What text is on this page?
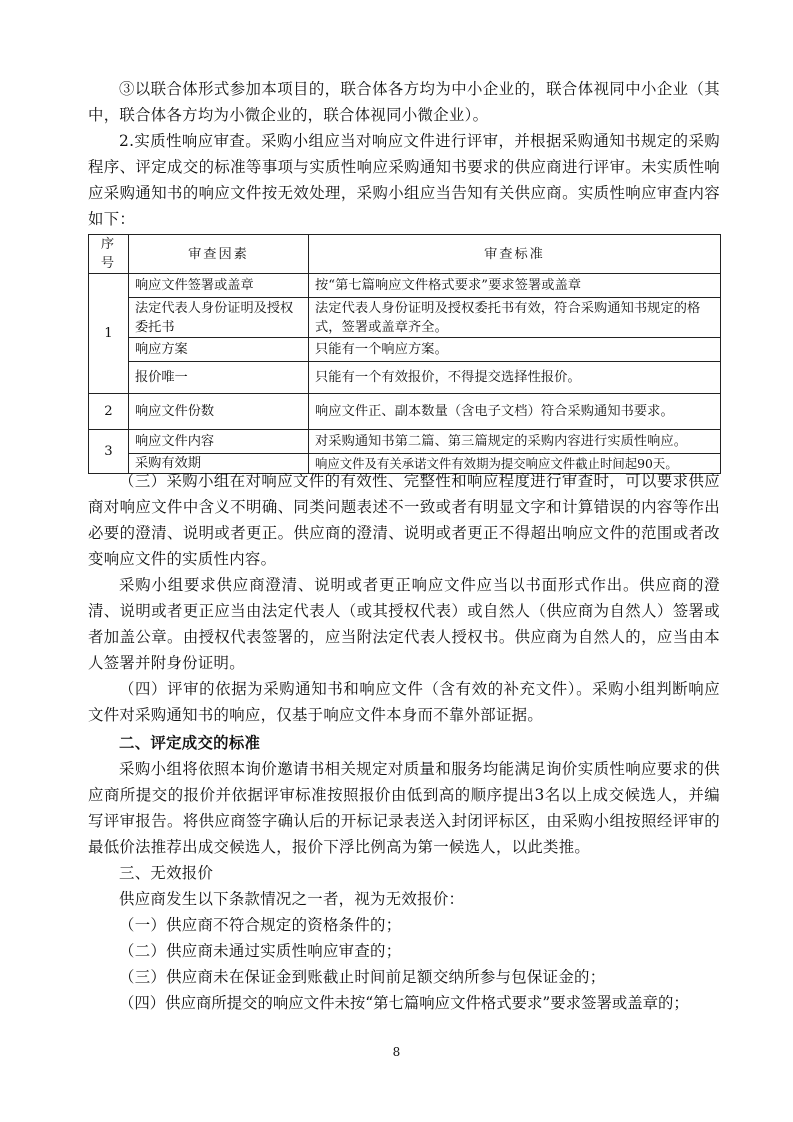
③以联合体形式参加本项目的，联合体各方均为中小企业的，联合体视同中小企业（其中，联合体各方均为小微企业的，联合体视同小微企业）。

2.实质性响应审查。采购小组应当对响应文件进行评审，并根据采购通知书规定的采购程序、评定成交的标准等事项与实质性响应采购通知书要求的供应商进行评审。未实质性响应采购通知书的响应文件按无效处理，采购小组应当告知有关供应商。实质性响应审查内容如下：

序号	审查因素	审查标准
1	响应文件签署或盖章	按“第七篇响应文件格式要求”要求签署或盖章
	法定代表人身份证明及授权委托书	法定代表人身份证明及授权委托书有效，符合采购通知书规定的格式，签署或盖章齐全。
	响应方案	只能有一个响应方案。
	报价唯一	只能有一个有效报价，不得提交选择性报价。
2	响应文件份数	响应文件正、副本数量（含电子文档）符合采购通知书要求。
3	响应文件内容	对采购通知书第二篇、第三篇规定的采购内容进行实质性响应。
	采购有效期	响应文件及有关承诺文件有效期为提交响应文件截止时间起90天。

（三）采购小组在对响应文件的有效性、完整性和响应程度进行审查时，可以要求供应商对响应文件中含义不明确、同类问题表述不一致或者有明显文字和计算错误的内容等作出必要的澄清、说明或者更正。供应商的澄清、说明或者更正不得超出响应文件的范围或者改变响应文件的实质性内容。

采购小组要求供应商澄清、说明或者更正响应文件应当以书面形式作出。供应商的澄清、说明或者更正应当由法定代表人（或其授权代表）或自然人（供应商为自然人）签署或者加盖公章。由授权代表签署的，应当附法定代表人授权书。供应商为自然人的，应当由本人签署并附身份证明。

（四）评审的依据为采购通知书和响应文件（含有效的补充文件）。采购小组判断响应文件对采购通知书的响应，仅基于响应文件本身而不靠外部证据。

二、评定成交的标准

采购小组将依照本询价邀请书相关规定对质量和服务均能满足询价实质性响应要求的供应商所提交的报价并依据评审标准按照报价由低到高的顺序提出3名以上成交候选人，并编写评审报告。将供应商签字确认后的开标记录表送入封闭评标区，由采购小组按照经评审的最低价法推荐出成交候选人，报价下浮比例高为第一候选人，以此类推。

三、无效报价

供应商发生以下条款情况之一者，视为无效报价：

（一）供应商不符合规定的资格条件的；

（二）供应商未通过实质性响应审查的；

（三）供应商未在保证金到账截止时间前足额交纳所参与包保证金的；

（四）供应商所提交的响应文件未按“第七篇响应文件格式要求”要求签署或盖章的；

8
